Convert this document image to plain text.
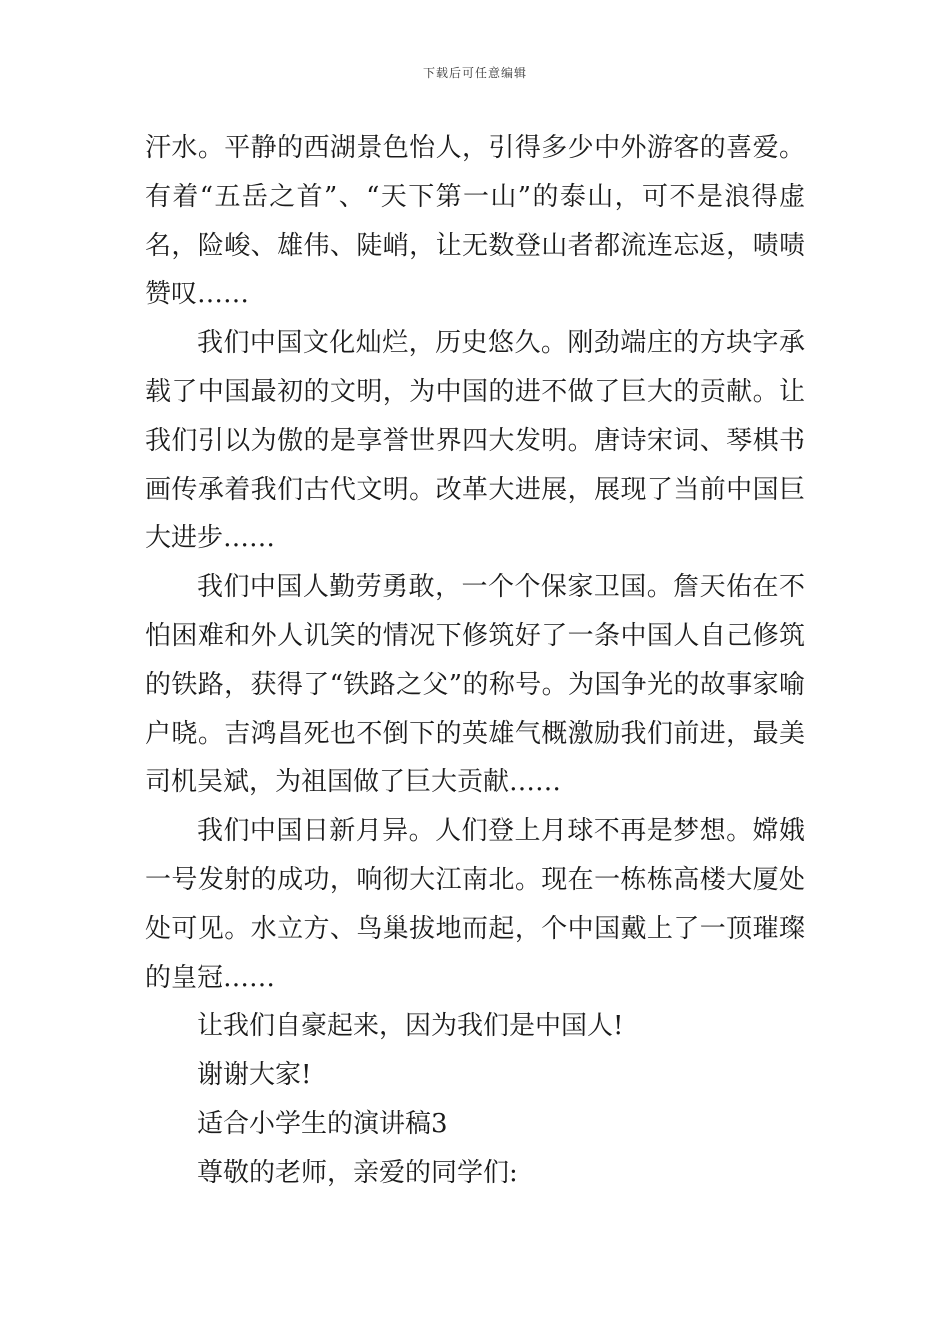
下载后可任意编辑

汗水。平静的西湖景色怡人，引得多少中外游客的喜爱。有着“五岳之首”、“天下第一山”的泰山，可不是浪得虚名，险峻、雄伟、陡峭，让无数登山者都流连忘返，啧啧赞叹……

我们中国文化灿烂，历史悠久。刚劲端庄的方块字承载了中国最初的文明，为中国的进不做了巨大的贡献。让我们引以为傲的是享誉世界四大发明。唐诗宋词、琴棋书画传承着我们古代文明。改革大进展，展现了当前中国巨大进步……

我们中国人勤劳勇敢，一个个保家卫国。詹天佑在不怕困难和外人讥笑的情况下修筑好了一条中国人自己修筑的铁路，获得了“铁路之父”的称号。为国争光的故事家喻户晓。吉鸿昌死也不倒下的英雄气概激励我们前进，最美司机吴斌，为祖国做了巨大贡献……

我们中国日新月异。人们登上月球不再是梦想。嫦娥一号发射的成功，响彻大江南北。现在一栋栋高楼大厦处处可见。水立方、鸟巢拔地而起，个中国戴上了一顶璀璨的皇冠……

让我们自豪起来，因为我们是中国人!

谢谢大家!

适合小学生的演讲稿3

尊敬的老师，亲爱的同学们:
